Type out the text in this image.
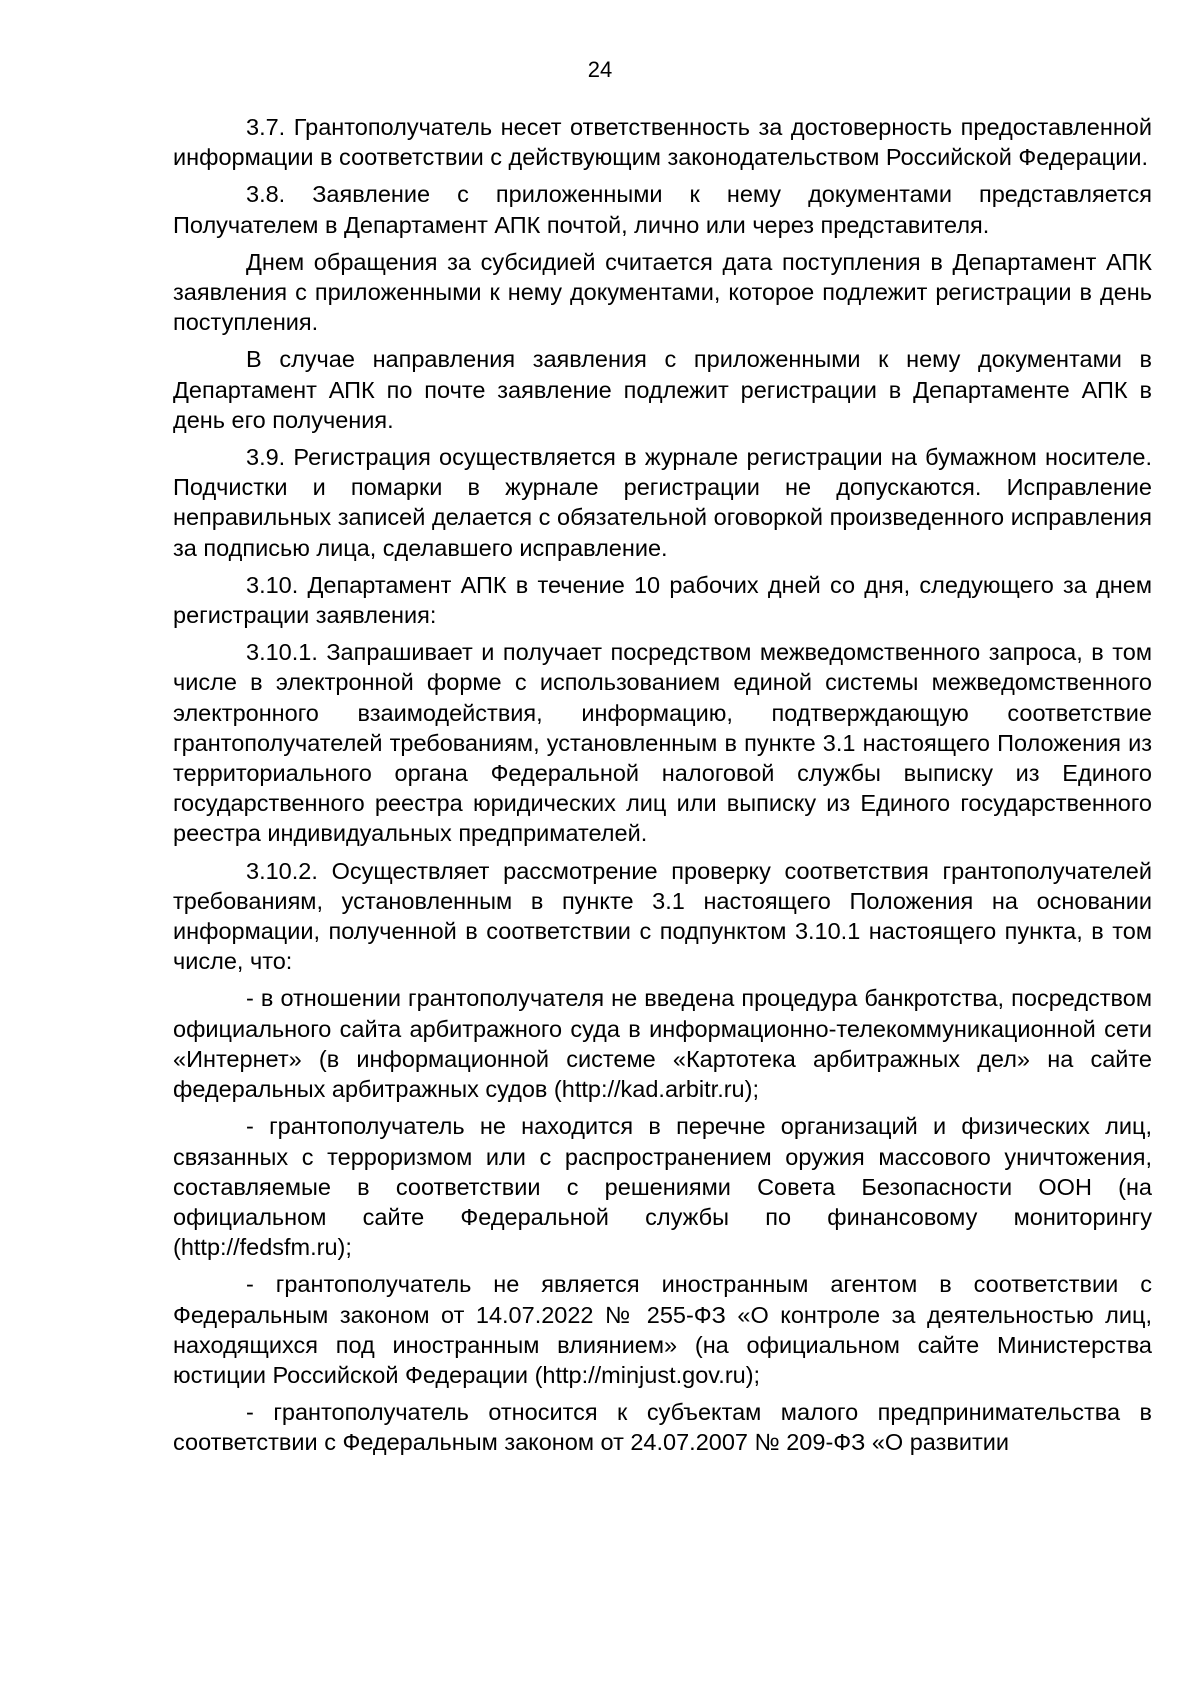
24

3.7. Грантополучатель несет ответственность за достоверность предоставленной информации в соответствии с действующим законодательством Российской Федерации.

3.8. Заявление с приложенными к нему документами представляется Получателем в Департамент АПК почтой, лично или через представителя.

Днем обращения за субсидией считается дата поступления в Департамент АПК заявления с приложенными к нему документами, которое подлежит регистрации в день поступления.

В случае направления заявления с приложенными к нему документами в Департамент АПК по почте заявление подлежит регистрации в Департаменте АПК в день его получения.

3.9. Регистрация осуществляется в журнале регистрации на бумажном носителе. Подчистки и помарки в журнале регистрации не допускаются. Исправление неправильных записей делается с обязательной оговоркой произведенного исправления за подписью лица, сделавшего исправление.

3.10. Департамент АПК в течение 10 рабочих дней со дня, следующего за днем регистрации заявления:

3.10.1. Запрашивает и получает посредством межведомственного запроса, в том числе в электронной форме с использованием единой системы межведомственного электронного взаимодействия, информацию, подтверждающую соответствие грантополучателей требованиям, установленным в пункте 3.1 настоящего Положения из территориального органа Федеральной налоговой службы выписку из Единого государственного реестра юридических лиц или выписку из Единого государственного реестра индивидуальных предпримателей.

3.10.2. Осуществляет рассмотрение проверку соответствия грантополучателей требованиям, установленным в пункте 3.1 настоящего Положения на основании информации, полученной в соответствии с подпунктом 3.10.1 настоящего пункта, в том числе, что:

- в отношении грантополучателя не введена процедура банкротства, посредством официального сайта арбитражного суда в информационно-телекоммуникационной сети «Интернет» (в информационной системе «Картотека арбитражных дел» на сайте федеральных арбитражных судов (http://kad.arbitr.ru);

- грантополучатель не находится в перечне организаций и физических лиц, связанных с терроризмом или с распространением оружия массового уничтожения, составляемые в соответствии с решениями Совета Безопасности ООН (на официальном сайте Федеральной службы по финансовому мониторингу (http://fedsfm.ru);

- грантополучатель не является иностранным агентом в соответствии с Федеральным законом от 14.07.2022 № 255-ФЗ «О контроле за деятельностью лиц, находящихся под иностранным влиянием» (на официальном сайте Министерства юстиции Российской Федерации (http://minjust.gov.ru);

- грантополучатель относится к субъектам малого предпринимательства в соответствии с Федеральным законом от 24.07.2007 № 209-ФЗ «О развитии
